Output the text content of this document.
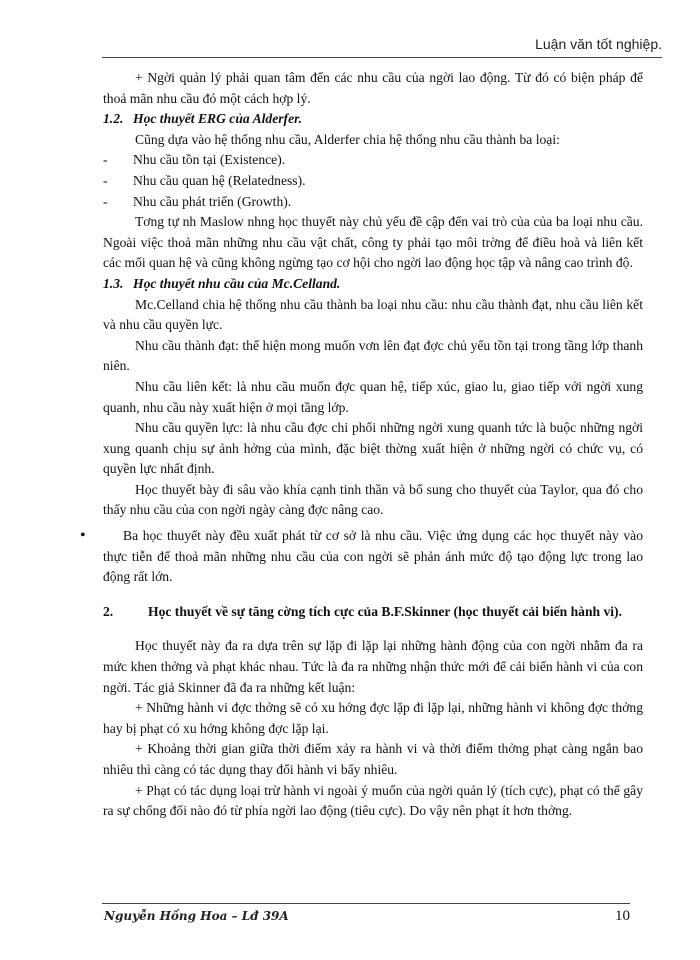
Luận văn tốt nghiệp.

+ Ngời quản lý phải quan tâm đến các nhu cầu của ngời lao động. Từ đó có biện pháp để thoả mãn nhu cầu đó một cách hợp lý.

1.2. Học thuyết ERG của Alderfer.

Cũng dựa vào hệ thống nhu cầu, Alderfer chia hệ thống nhu cầu thành ba loại:

-	Nhu cầu tồn tại (Existence).
-	Nhu cầu quan hệ (Relatedness).
-	Nhu cầu phát triển (Growth).

Tơng tự nh Maslow nhng học thuyết này chủ yếu đề cập đến vai trò của của ba loại nhu cầu. Ngoài việc thoả mãn những nhu cầu vật chất, công ty phải tạo môi trờng để điều hoà và liên kết các mối quan hệ và cũng không ngừng tạo cơ hội cho ngời lao động học tập và nâng cao trình độ.

1.3. Học thuyết nhu cầu của Mc.Celland.

Mc.Celland chia hệ thống nhu cầu thành ba loại nhu cầu: nhu cầu thành đạt, nhu cầu liên kết và nhu cầu quyền lực.

Nhu cầu thành đạt: thể hiện mong muốn vơn lên đạt đợc chủ yếu tồn tại trong tầng lớp thanh niên.

Nhu cầu liên kết: là nhu cầu muốn đợc quan hệ, tiếp xúc, giao lu, giao tiếp với ngời xung quanh, nhu cầu này xuất hiện ở mọi tầng lớp.

Nhu cầu quyền lực: là nhu cầu đợc chi phối những ngời xung quanh tức là buộc những ngời xung quanh chịu sự ảnh hởng của mình, đặc biệt thờng xuất hiện ở những ngời có chức vụ, có quyền lực nhất định.

Học thuyết bày đi sâu vào khía cạnh tinh thần và bổ sung cho thuyết của Taylor, qua đó cho thấy nhu cầu của con ngời ngày càng đợc nâng cao.

•	Ba học thuyết này đều xuất phát từ cơ sở là nhu cầu. Việc ứng dụng các học thuyết này vào thực tiễn để thoả mãn những nhu cầu của con ngời sẽ phản ánh mức độ tạo động lực trong lao động rất lớn.

2.	Học thuyết về sự tăng cờng tích cực của B.F.Skinner (học thuyết cải biến hành vi).

Học thuyết này đa ra dựa trên sự lặp đi lặp lại những hành động của con ngời nhằm đa ra mức khen thởng và phạt khác nhau. Tức là đa ra những nhận thức mới để cải biến hành vi của con ngời. Tác giả Skinner đã đa ra những kết luận:

+ Những hành vi đợc thởng sẽ có xu hớng đợc lặp đi lặp lại, những hành vi không đợc thởng hay bị phạt có xu hớng không đợc lặp lại.

+ Khoảng thời gian giữa thời điểm xảy ra hành vi và thời điểm thởng phạt càng ngắn bao nhiêu thì càng có tác dụng thay đổi hành vi bấy nhiêu.

+ Phạt có tác dụng loại trừ hành vi ngoài ý muốn của ngời quản lý (tích cực), phạt có thể gây ra sự chống đối nào đó từ phía ngời lao động (tiêu cực). Do vậy nên phạt ít hơn thởng.

Nguyễn Hồng Hoa – Lđ 39A	10
